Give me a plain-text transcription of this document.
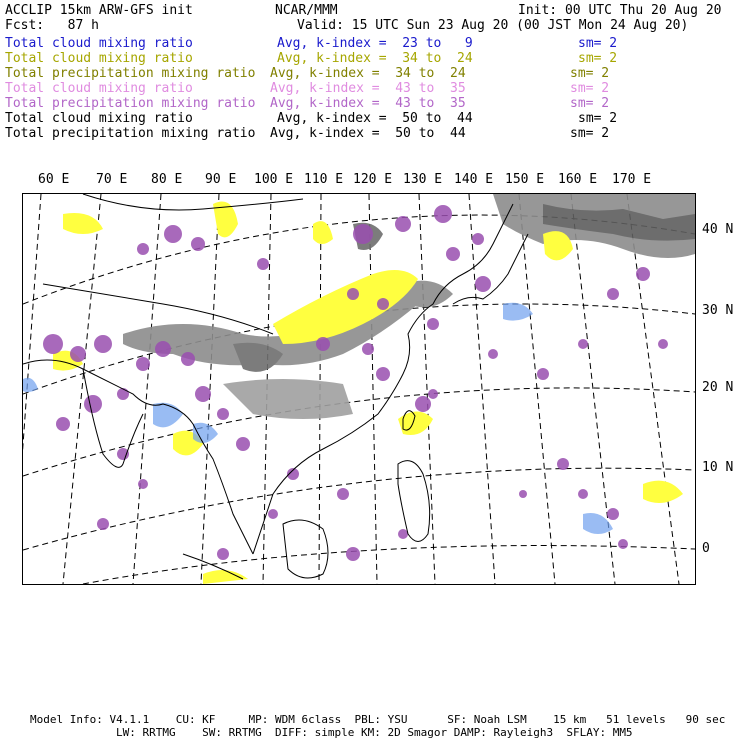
ACCLIP 15km ARW-GFS init	NCAR/MMM	Init: 00 UTC Thu 20 Aug 20
Fcst:   87 h	Valid: 15 UTC Sun 23 Aug 20 (00 JST Mon 24 Aug 20)
Total cloud mixing ratio	Avg, k-index =  23 to   9	sm= 2
Total cloud mixing ratio	Avg, k-index =  34 to  24	sm= 2
Total precipitation mixing ratio Avg, k-index =  34 to  24	sm= 2
Total cloud mixing ratio	Avg, k-index =  43 to  35	sm= 2
Total precipitation mixing ratio Avg, k-index =  43 to  35	sm= 2
Total cloud mixing ratio	Avg, k-index =  50 to  44	sm= 2
Total precipitation mixing ratio Avg, k-index =  50 to  44	sm= 2
60 E 70 E 80 E 90 E 100 E 110 E 120 E 130 E 140 E 150 E 160 E 170 E
40 N
30 N
20 N
10 N
0
Model Info: V4.1.1    CU: KF     MP: WDM 6class  PBL: YSU      SF: Noah LSM    15 km   51 levels   90 sec
LW: RRTMG    SW: RRTMG  DIFF: simple KM: 2D Smagor DAMP: Rayleigh3  SFLAY: MM5
